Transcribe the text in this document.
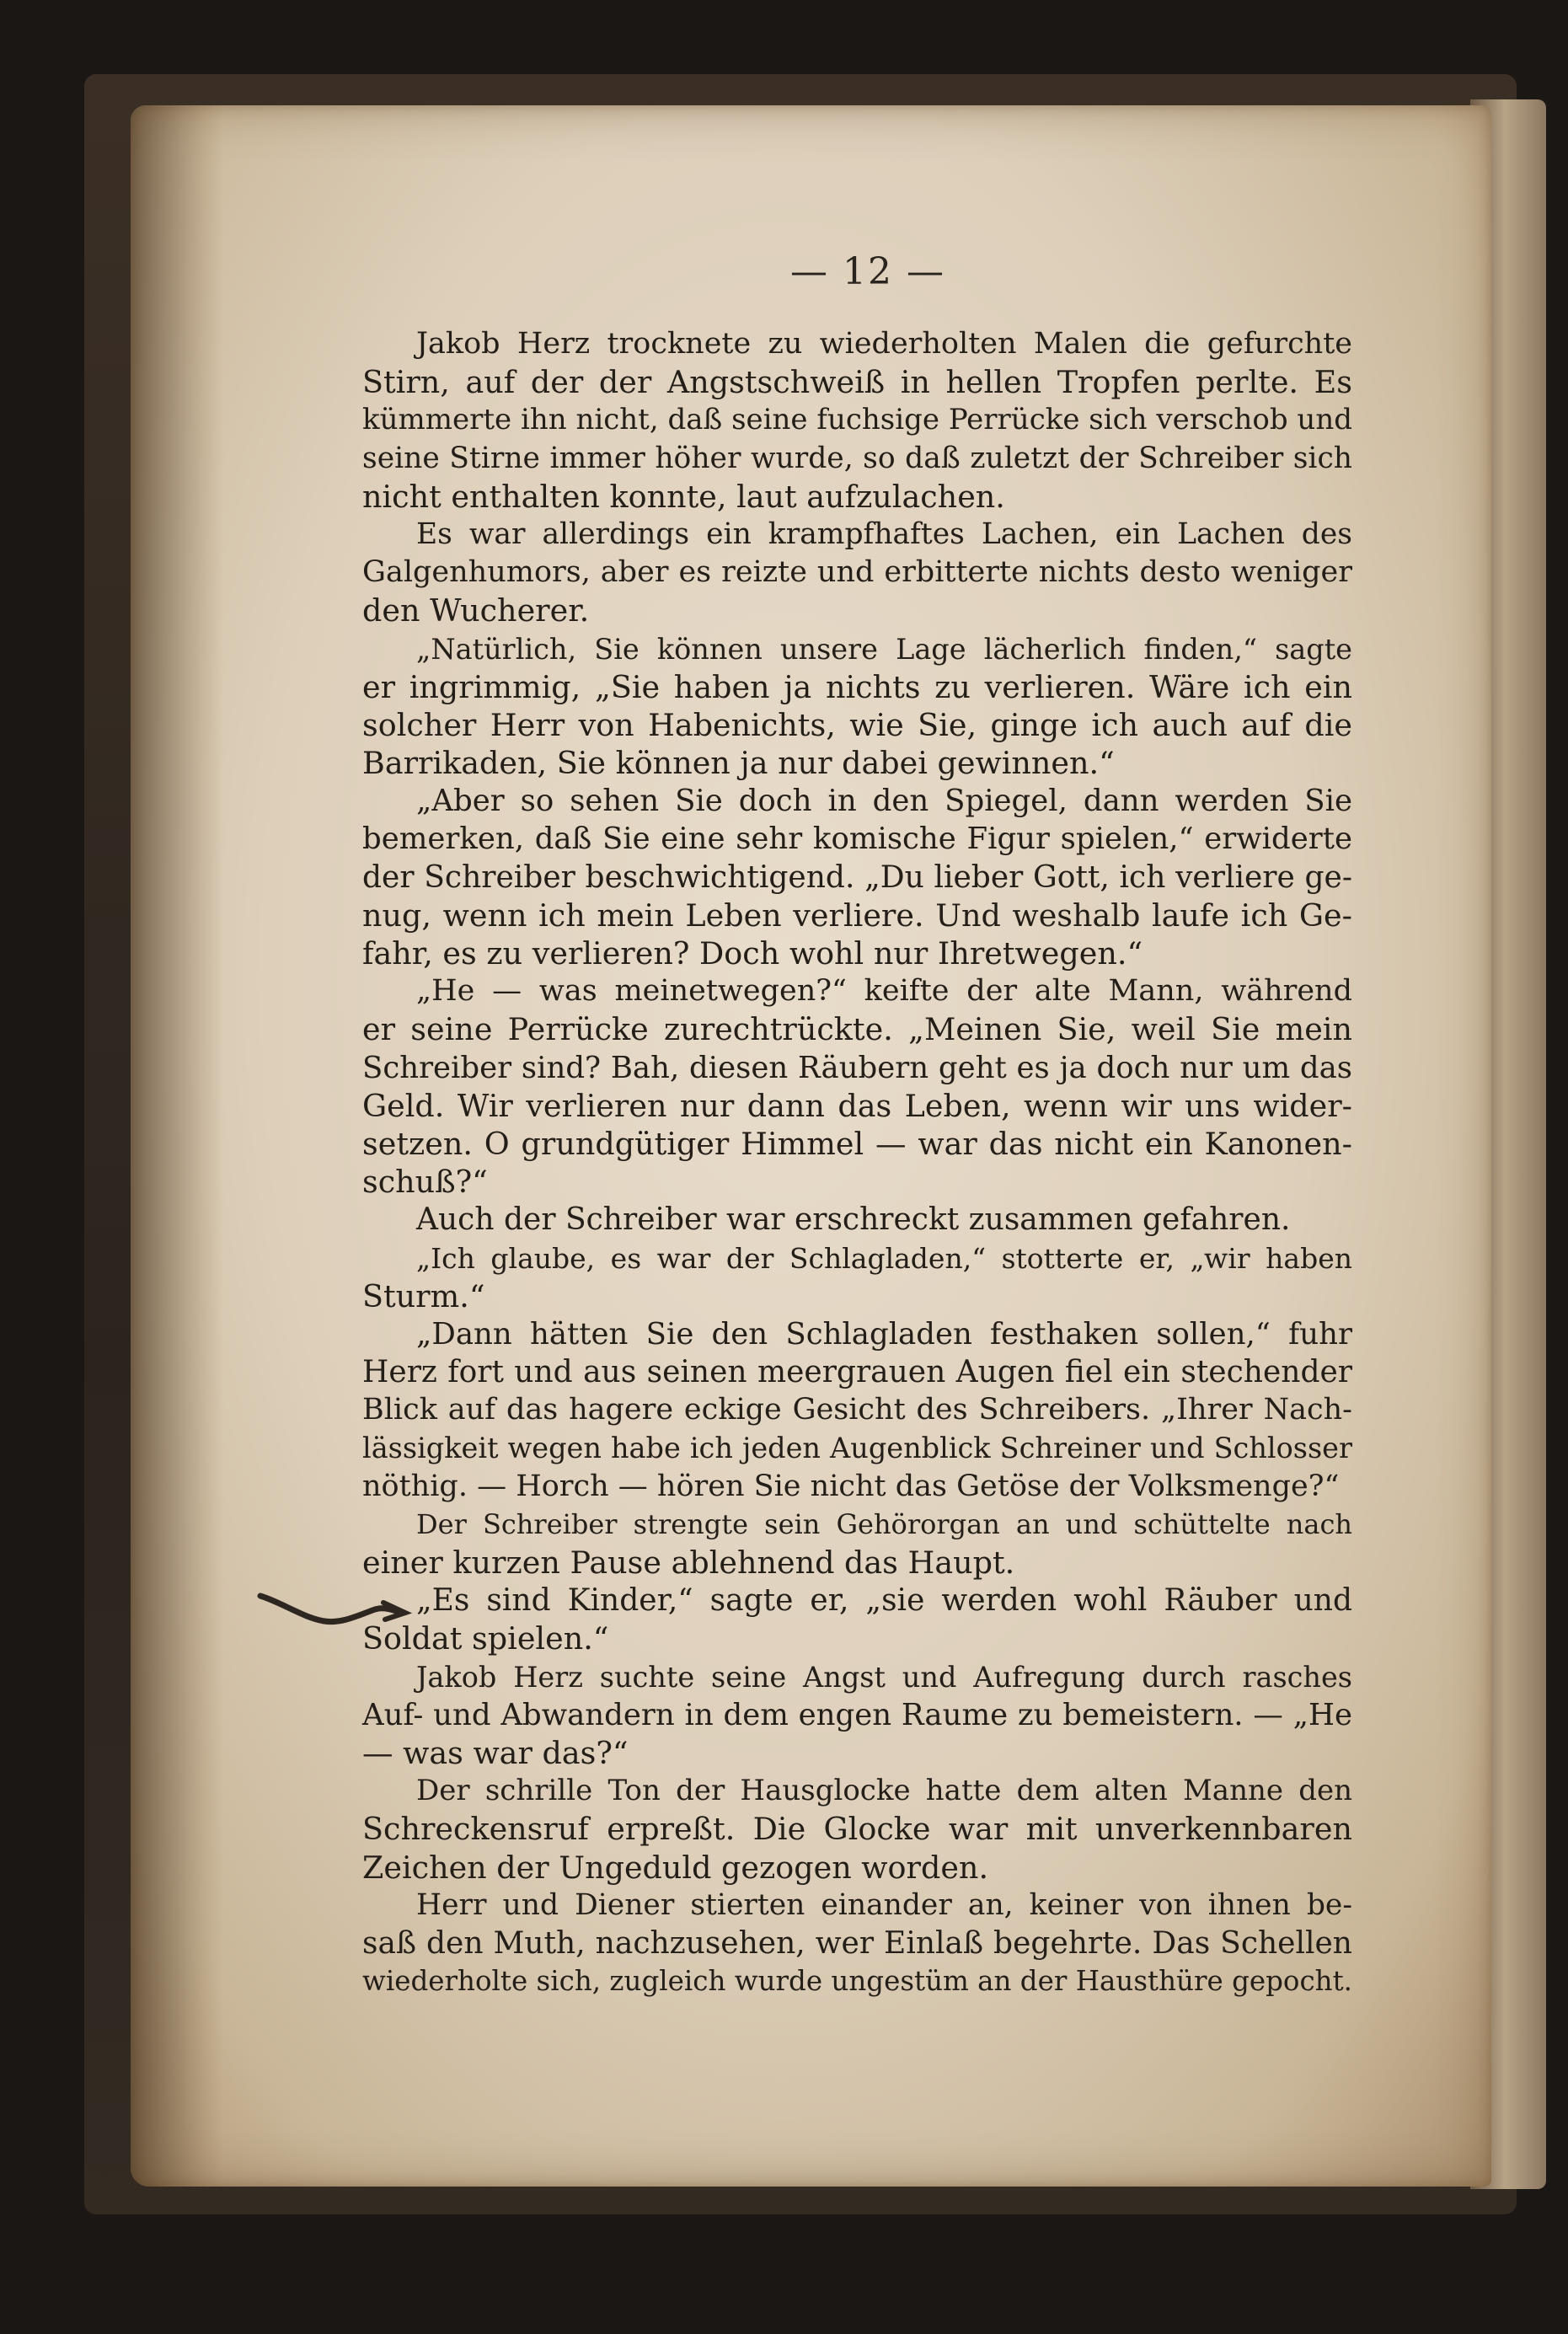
— 12 —
Jakob Herz trocknete zu wiederholten Malen die gefurchte
Stirn, auf der der Angstschweiß in hellen Tropfen perlte. Es
kümmerte ihn nicht, daß seine fuchsige Perrücke sich verschob und
seine Stirne immer höher wurde, so daß zuletzt der Schreiber sich
nicht enthalten konnte, laut aufzulachen.
Es war allerdings ein krampfhaftes Lachen, ein Lachen des
Galgenhumors, aber es reizte und erbitterte nichts desto weniger
den Wucherer.
„Natürlich, Sie können unsere Lage lächerlich finden,“ sagte
er ingrimmig, „Sie haben ja nichts zu verlieren. Wäre ich ein
solcher Herr von Habenichts, wie Sie, ginge ich auch auf die
Barrikaden, Sie können ja nur dabei gewinnen.“
„Aber so sehen Sie doch in den Spiegel, dann werden Sie
bemerken, daß Sie eine sehr komische Figur spielen,“ erwiderte
der Schreiber beschwichtigend. „Du lieber Gott, ich verliere ge-
nug, wenn ich mein Leben verliere. Und weshalb laufe ich Ge-
fahr, es zu verlieren? Doch wohl nur Ihretwegen.“
„He — was meinetwegen?“ keifte der alte Mann, während
er seine Perrücke zurechtrückte. „Meinen Sie, weil Sie mein
Schreiber sind? Bah, diesen Räubern geht es ja doch nur um das
Geld. Wir verlieren nur dann das Leben, wenn wir uns wider-
setzen. O grundgütiger Himmel — war das nicht ein Kanonen-
schuß?“
Auch der Schreiber war erschreckt zusammen gefahren.
„Ich glaube, es war der Schlagladen,“ stotterte er, „wir haben
Sturm.“
„Dann hätten Sie den Schlagladen festhaken sollen,“ fuhr
Herz fort und aus seinen meergrauen Augen fiel ein stechender
Blick auf das hagere eckige Gesicht des Schreibers. „Ihrer Nach-
lässigkeit wegen habe ich jeden Augenblick Schreiner und Schlosser
nöthig. — Horch — hören Sie nicht das Getöse der Volksmenge?“
Der Schreiber strengte sein Gehörorgan an und schüttelte nach
einer kurzen Pause ablehnend das Haupt.
„Es sind Kinder,“ sagte er, „sie werden wohl Räuber und
Soldat spielen.“
Jakob Herz suchte seine Angst und Aufregung durch rasches
Auf- und Abwandern in dem engen Raume zu bemeistern. — „He
— was war das?“
Der schrille Ton der Hausglocke hatte dem alten Manne den
Schreckensruf erpreßt. Die Glocke war mit unverkennbaren
Zeichen der Ungeduld gezogen worden.
Herr und Diener stierten einander an, keiner von ihnen be-
saß den Muth, nachzusehen, wer Einlaß begehrte. Das Schellen
wiederholte sich, zugleich wurde ungestüm an der Hausthüre gepocht.
